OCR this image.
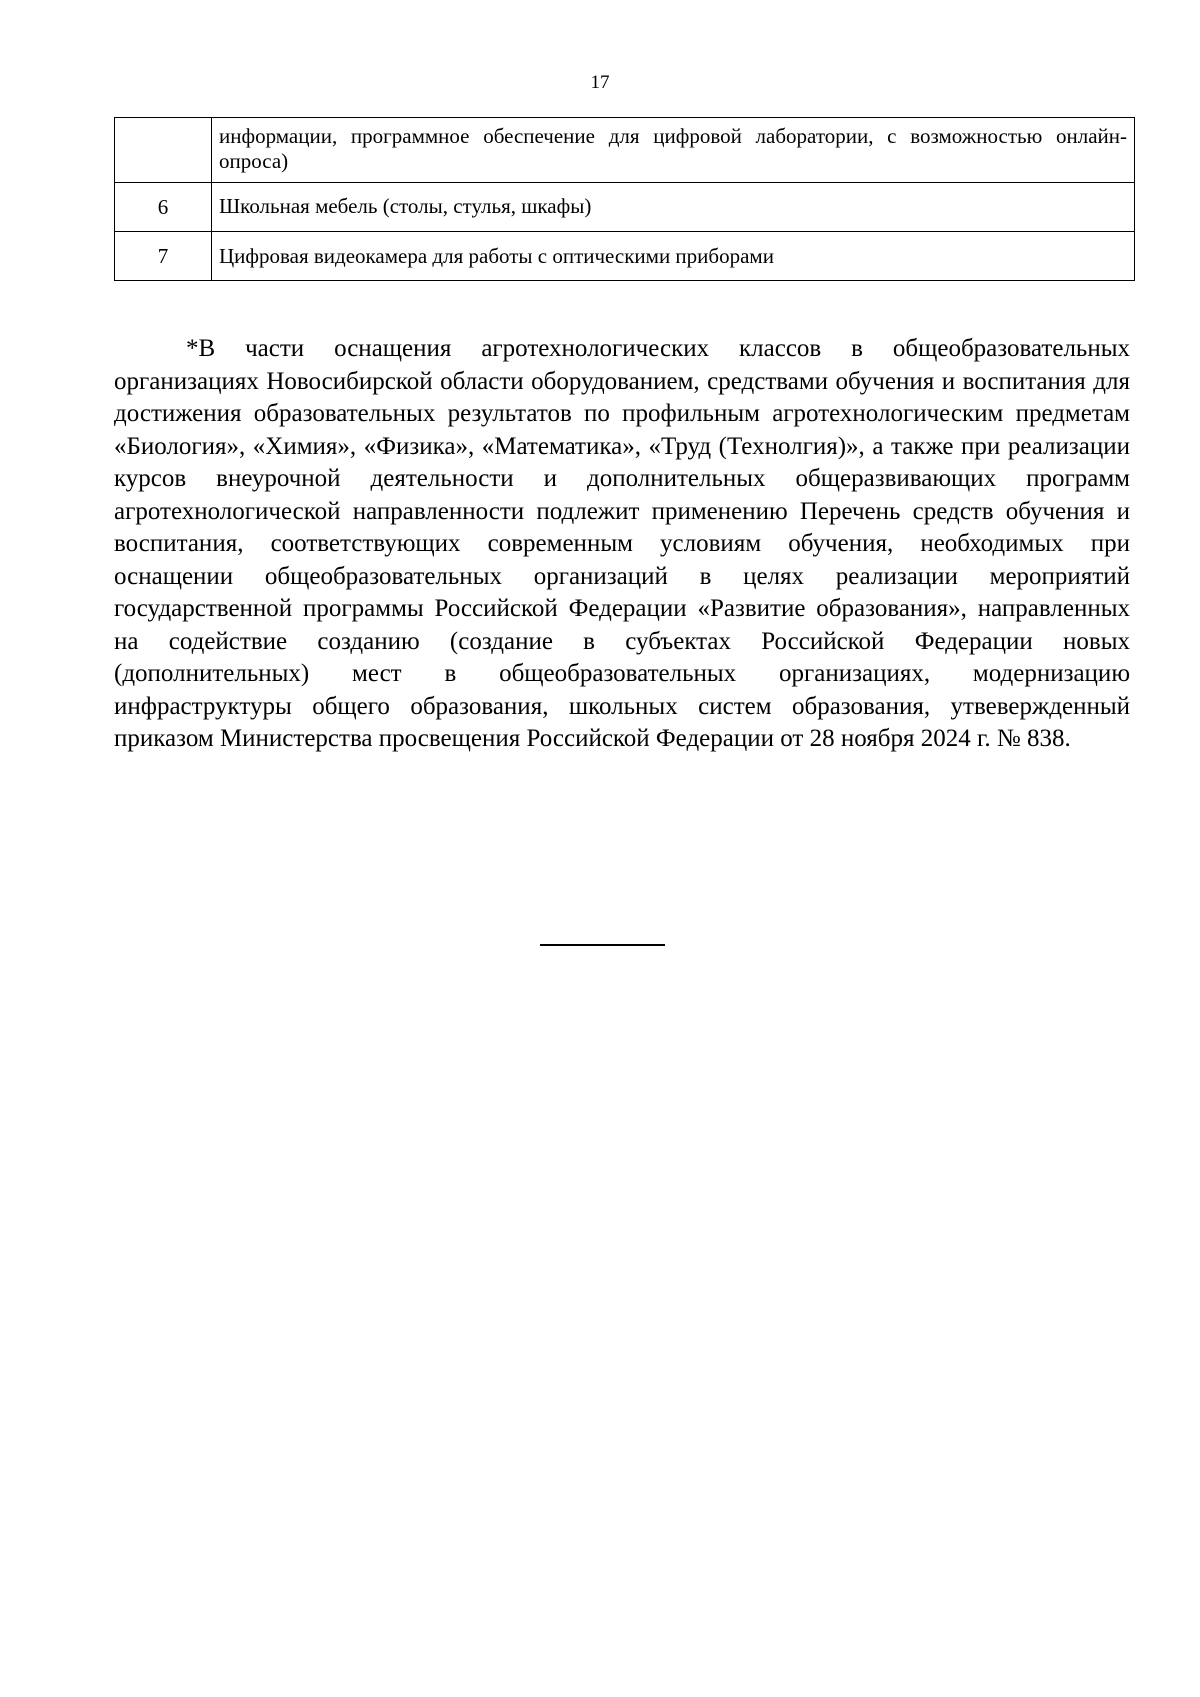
17
	информации, программное обеспечение для цифровой лаборатории, с возможностью онлайн-опроса)
6	Школьная мебель (столы, стулья, шкафы)
7	Цифровая видеокамера для работы с оптическими приборами

*В части оснащения агротехнологических классов в общеобразовательных организациях Новосибирской области оборудованием, средствами обучения и воспитания для достижения образовательных результатов по профильным агротехнологическим предметам «Биология», «Химия», «Физика», «Математика», «Труд (Технолгия)», а также при реализации курсов внеурочной деятельности и дополнительных общеразвивающих программ агротехнологической направленности подлежит применению Перечень средств обучения и воспитания, соответствующих современным условиям обучения, необходимых при оснащении общеобразовательных организаций в целях реализации мероприятий государственной программы Российской Федерации «Развитие образования», направленных на содействие созданию (создание в субъектах Российской Федерации новых (дополнительных) мест в общеобразовательных организациях, модернизацию инфраструктуры общего образования, школьных систем образования, утвевержденный приказом Министерства просвещения Российской Федерации от 28 ноября 2024 г. № 838.
